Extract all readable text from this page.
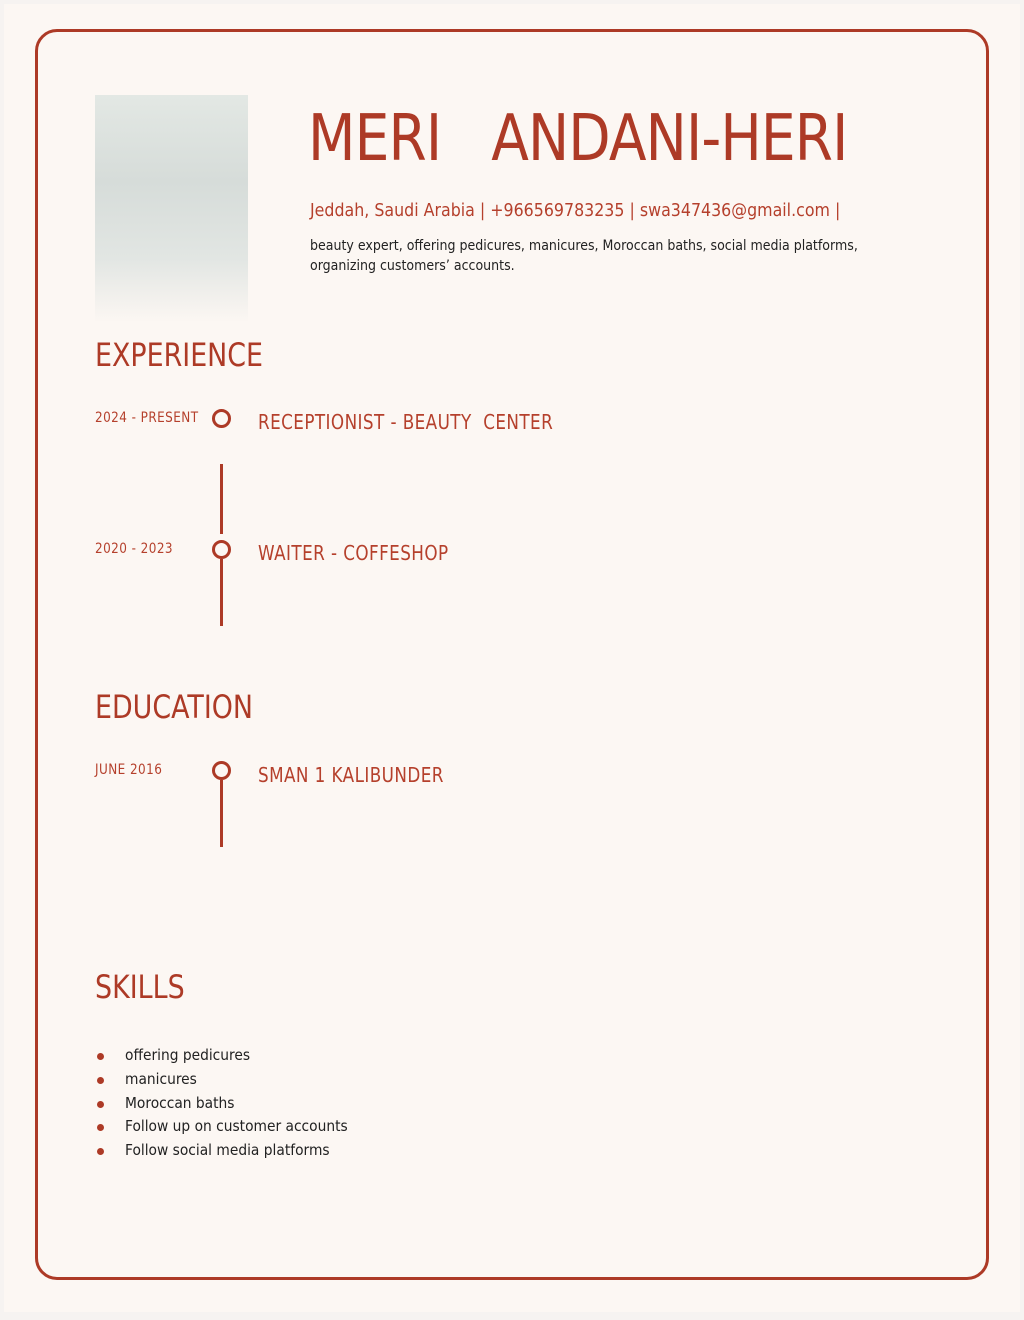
MERI   ANDANI-HERI
Jeddah, Saudi Arabia | +966569783235 | swa347436@gmail.com |
beauty expert, offering pedicures, manicures, Moroccan baths, social media platforms, organizing customers’ accounts.
EXPERIENCE
2024 - PRESENT	RECEPTIONIST - BEAUTY  CENTER
2020 - 2023	WAITER - COFFESHOP
EDUCATION
JUNE 2016	SMAN 1 KALIBUNDER
SKILLS
offering pedicures
manicures
Moroccan baths
Follow up on customer accounts
Follow social media platforms
